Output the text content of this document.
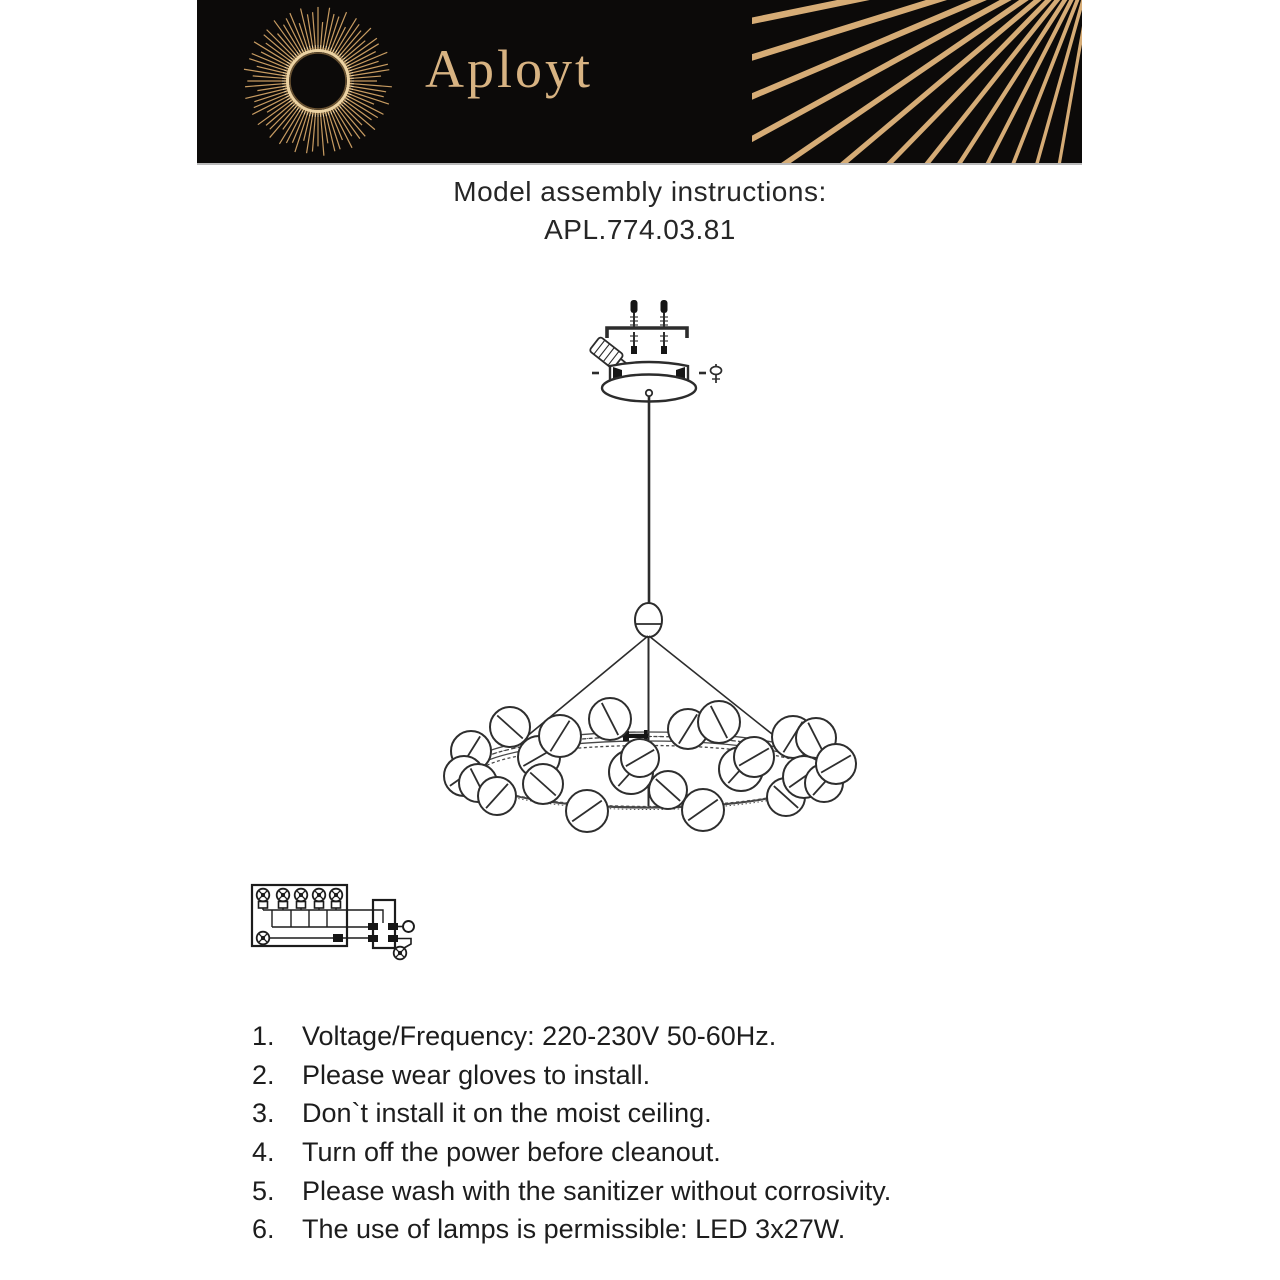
Aployt
Model assembly instructions:
APL.774.03.81
1.	Voltage/Frequency: 220-230V 50-60Hz.
2.	Please wear gloves to install.
3.	Don`t install it on the moist ceiling.
4.	Turn off the power before cleanout.
5.	Please wash with the sanitizer without corrosivity.
6.	The use of lamps is permissible: LED 3x27W.
